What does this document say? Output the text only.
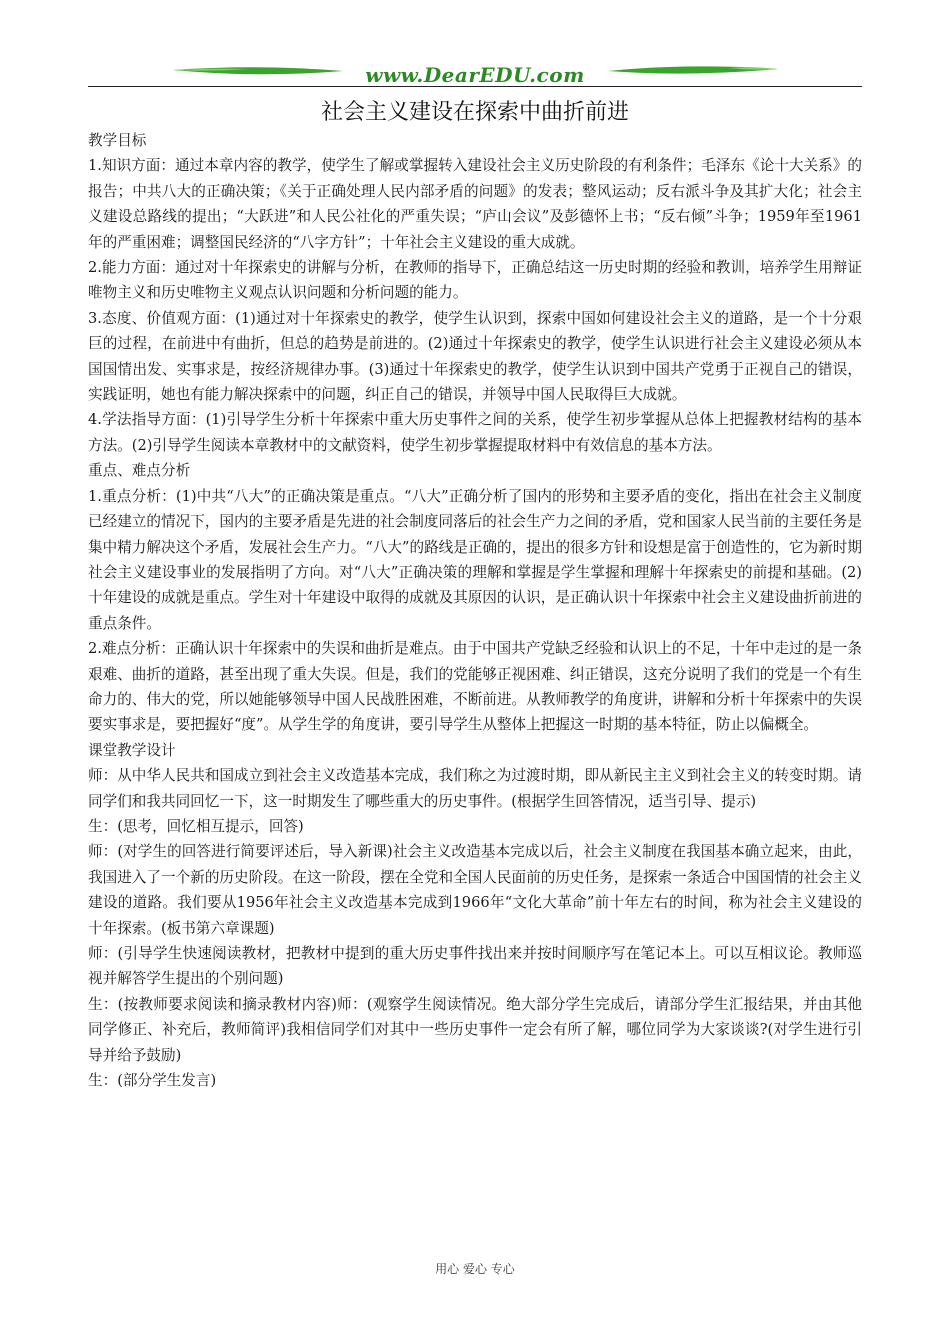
www.DearEDU.com
社会主义建设在探索中曲折前进

教学目标

1.知识方面：通过本章内容的教学，使学生了解或掌握转入建设社会主义历史阶段的有利条件；毛泽东《论十大关系》的报告；中共八大的正确决策；《关于正确处理人民内部矛盾的问题》的发表；整风运动；反右派斗争及其扩大化；社会主义建设总路线的提出；“大跃进”和人民公社化的严重失误；“庐山会议”及彭德怀上书；“反右倾”斗争；1959年至1961年的严重困难；调整国民经济的“八字方针”；十年社会主义建设的重大成就。

2.能力方面：通过对十年探索史的讲解与分析，在教师的指导下，正确总结这一历史时期的经验和教训，培养学生用辩证唯物主义和历史唯物主义观点认识问题和分析问题的能力。

3.态度、价值观方面：(1)通过对十年探索史的教学，使学生认识到，探索中国如何建设社会主义的道路，是一个十分艰巨的过程，在前进中有曲折，但总的趋势是前进的。(2)通过十年探索史的教学，使学生认识进行社会主义建设必须从本国国情出发、实事求是，按经济规律办事。(3)通过十年探索史的教学，使学生认识到中国共产党勇于正视自己的错误，实践证明，她也有能力解决探索中的问题，纠正自己的错误，并领导中国人民取得巨大成就。

4.学法指导方面：(1)引导学生分析十年探索中重大历史事件之间的关系，使学生初步掌握从总体上把握教材结构的基本方法。(2)引导学生阅读本章教材中的文献资料，使学生初步掌握提取材料中有效信息的基本方法。

重点、难点分析

1.重点分析：(1)中共“八大”的正确决策是重点。“八大”正确分析了国内的形势和主要矛盾的变化，指出在社会主义制度已经建立的情况下，国内的主要矛盾是先进的社会制度同落后的社会生产力之间的矛盾，党和国家人民当前的主要任务是集中精力解决这个矛盾，发展社会生产力。“八大”的路线是正确的，提出的很多方针和设想是富于创造性的，它为新时期社会主义建设事业的发展指明了方向。对“八大”正确决策的理解和掌握是学生掌握和理解十年探索史的前提和基础。(2)十年建设的成就是重点。学生对十年建设中取得的成就及其原因的认识，是正确认识十年探索中社会主义建设曲折前进的重点条件。

2.难点分析：正确认识十年探索中的失误和曲折是难点。由于中国共产党缺乏经验和认识上的不足，十年中走过的是一条艰难、曲折的道路，甚至出现了重大失误。但是，我们的党能够正视困难、纠正错误，这充分说明了我们的党是一个有生命力的、伟大的党，所以她能够领导中国人民战胜困难，不断前进。从教师教学的角度讲，讲解和分析十年探索中的失误要实事求是，要把握好“度”。从学生学的角度讲，要引导学生从整体上把握这一时期的基本特征，防止以偏概全。

课堂教学设计

师：从中华人民共和国成立到社会主义改造基本完成，我们称之为过渡时期，即从新民主主义到社会主义的转变时期。请同学们和我共同回忆一下，这一时期发生了哪些重大的历史事件。(根据学生回答情况，适当引导、提示)

生：(思考，回忆相互提示，回答)

师：(对学生的回答进行简要评述后，导入新课)社会主义改造基本完成以后，社会主义制度在我国基本确立起来，由此，我国进入了一个新的历史阶段。在这一阶段，摆在全党和全国人民面前的历史任务，是探索一条适合中国国情的社会主义建设的道路。我们要从1956年社会主义改造基本完成到1966年“文化大革命”前十年左右的时间，称为社会主义建设的十年探索。(板书第六章课题)

师：(引导学生快速阅读教材，把教材中提到的重大历史事件找出来并按时间顺序写在笔记本上。可以互相议论。教师巡视并解答学生提出的个别问题)

生：(按教师要求阅读和摘录教材内容)师：(观察学生阅读情况。绝大部分学生完成后，请部分学生汇报结果，并由其他同学修正、补充后，教师简评)我相信同学们对其中一些历史事件一定会有所了解，哪位同学为大家谈谈?(对学生进行引导并给予鼓励)

生：(部分学生发言)

用心 爱心 专心
